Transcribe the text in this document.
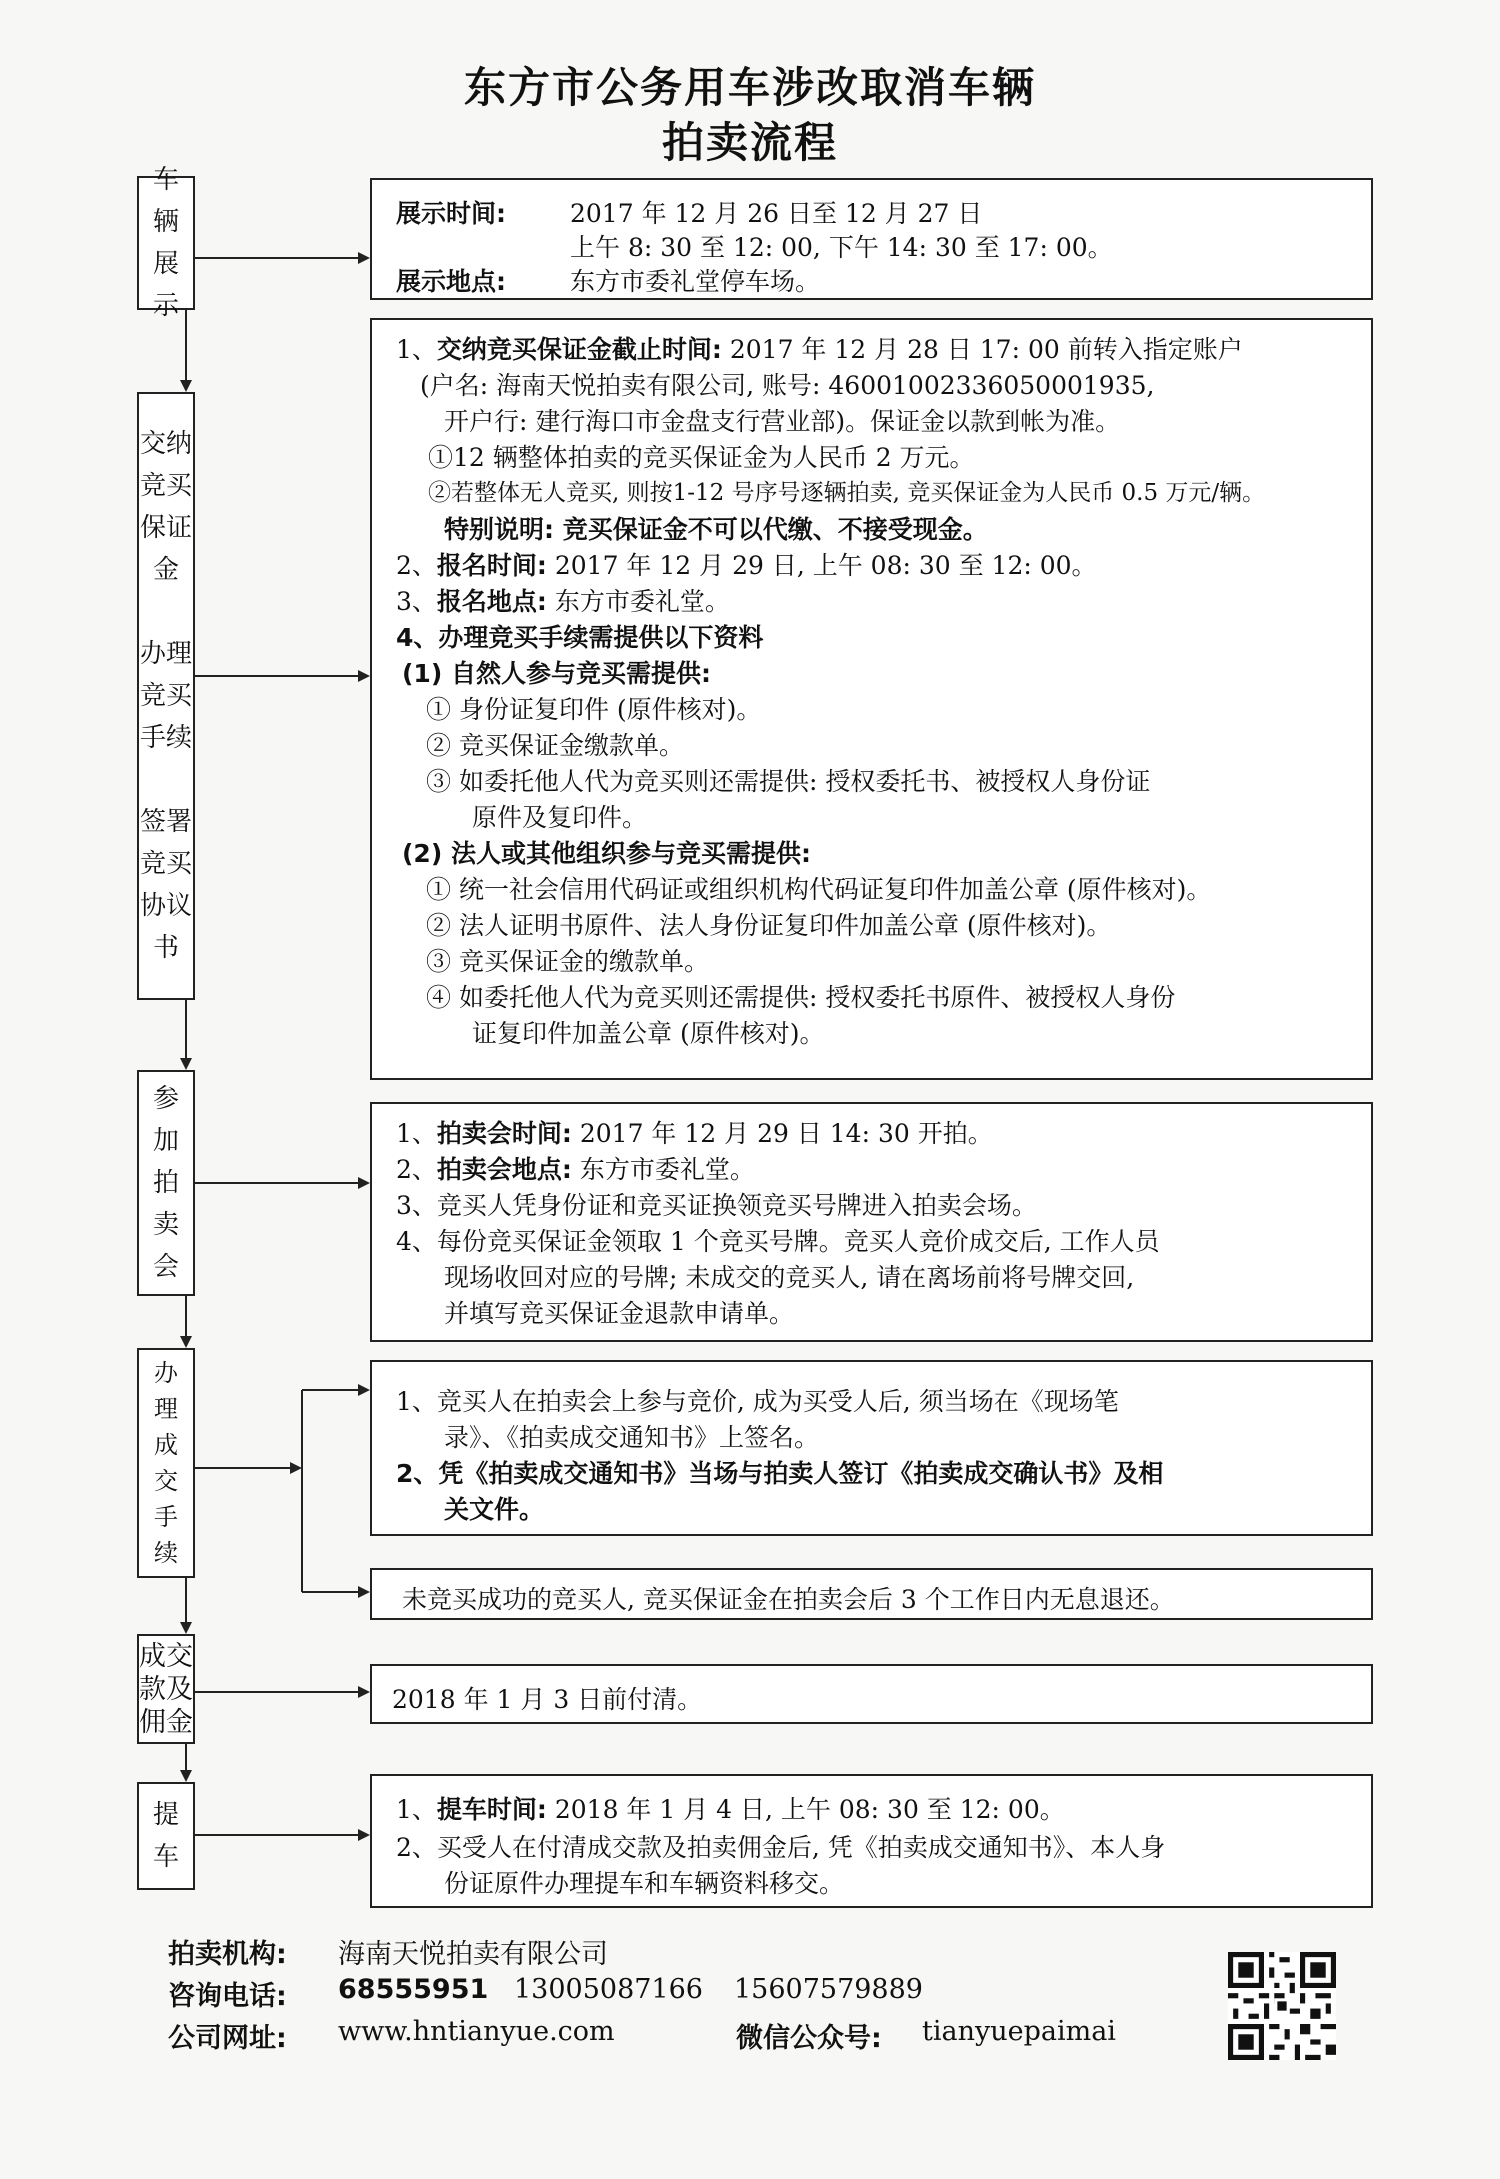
东方市公务用车涉改取消车辆
拍卖流程
车
辆
展
示
交纳
竞买
保证
金

办理
竞买
手续

签署
竞买
协议
书
参
加
拍
卖
会
办
理
成
交
手
续
成交
款及
佣金
提
车
展示时间:	2017 年 12 月 26 日至 12 月 27 日
上午 8: 30 至 12: 00, 下午 14: 30 至 17: 00。
展示地点:	东方市委礼堂停车场。
1、交纳竞买保证金截止时间: 2017 年 12 月 28 日 17: 00 前转入指定账户
(户名: 海南天悦拍卖有限公司, 账号: 46001002336050001935,
开户行: 建行海口市金盘支行营业部)。保证金以款到帐为准。
①12 辆整体拍卖的竞买保证金为人民币 2 万元。
②若整体无人竞买, 则按1-12 号序号逐辆拍卖, 竞买保证金为人民币 0.5 万元/辆。
特别说明: 竞买保证金不可以代缴、不接受现金。
2、报名时间: 2017 年 12 月 29 日, 上午 08: 30 至 12: 00。
3、报名地点: 东方市委礼堂。
4、办理竞买手续需提供以下资料
(1) 自然人参与竞买需提供:
① 身份证复印件 (原件核对)。
② 竞买保证金缴款单。
③ 如委托他人代为竞买则还需提供: 授权委托书、被授权人身份证
原件及复印件。
(2) 法人或其他组织参与竞买需提供:
① 统一社会信用代码证或组织机构代码证复印件加盖公章 (原件核对)。
② 法人证明书原件、法人身份证复印件加盖公章 (原件核对)。
③ 竞买保证金的缴款单。
④ 如委托他人代为竞买则还需提供: 授权委托书原件、被授权人身份
证复印件加盖公章 (原件核对)。
1、拍卖会时间: 2017 年 12 月 29 日 14: 30 开拍。
2、拍卖会地点: 东方市委礼堂。
3、竞买人凭身份证和竞买证换领竞买号牌进入拍卖会场。
4、每份竞买保证金领取 1 个竞买号牌。竞买人竞价成交后, 工作人员
现场收回对应的号牌; 未成交的竞买人, 请在离场前将号牌交回,
并填写竞买保证金退款申请单。
1、竞买人在拍卖会上参与竞价, 成为买受人后, 须当场在《现场笔
录》、《拍卖成交通知书》上签名。
2、凭《拍卖成交通知书》当场与拍卖人签订《拍卖成交确认书》及相
关文件。
未竞买成功的竞买人, 竞买保证金在拍卖会后 3 个工作日内无息退还。
2018 年 1 月 3 日前付清。
1、提车时间: 2018 年 1 月 4 日, 上午 08: 30 至 12: 00。
2、买受人在付清成交款及拍卖佣金后, 凭《拍卖成交通知书》、本人身
份证原件办理提车和车辆资料移交。
拍卖机构: 海南天悦拍卖有限公司
咨询电话: 68555951 13005087166 15607579889
公司网址: www.hntianyue.com	微信公众号: tianyuepaimai
